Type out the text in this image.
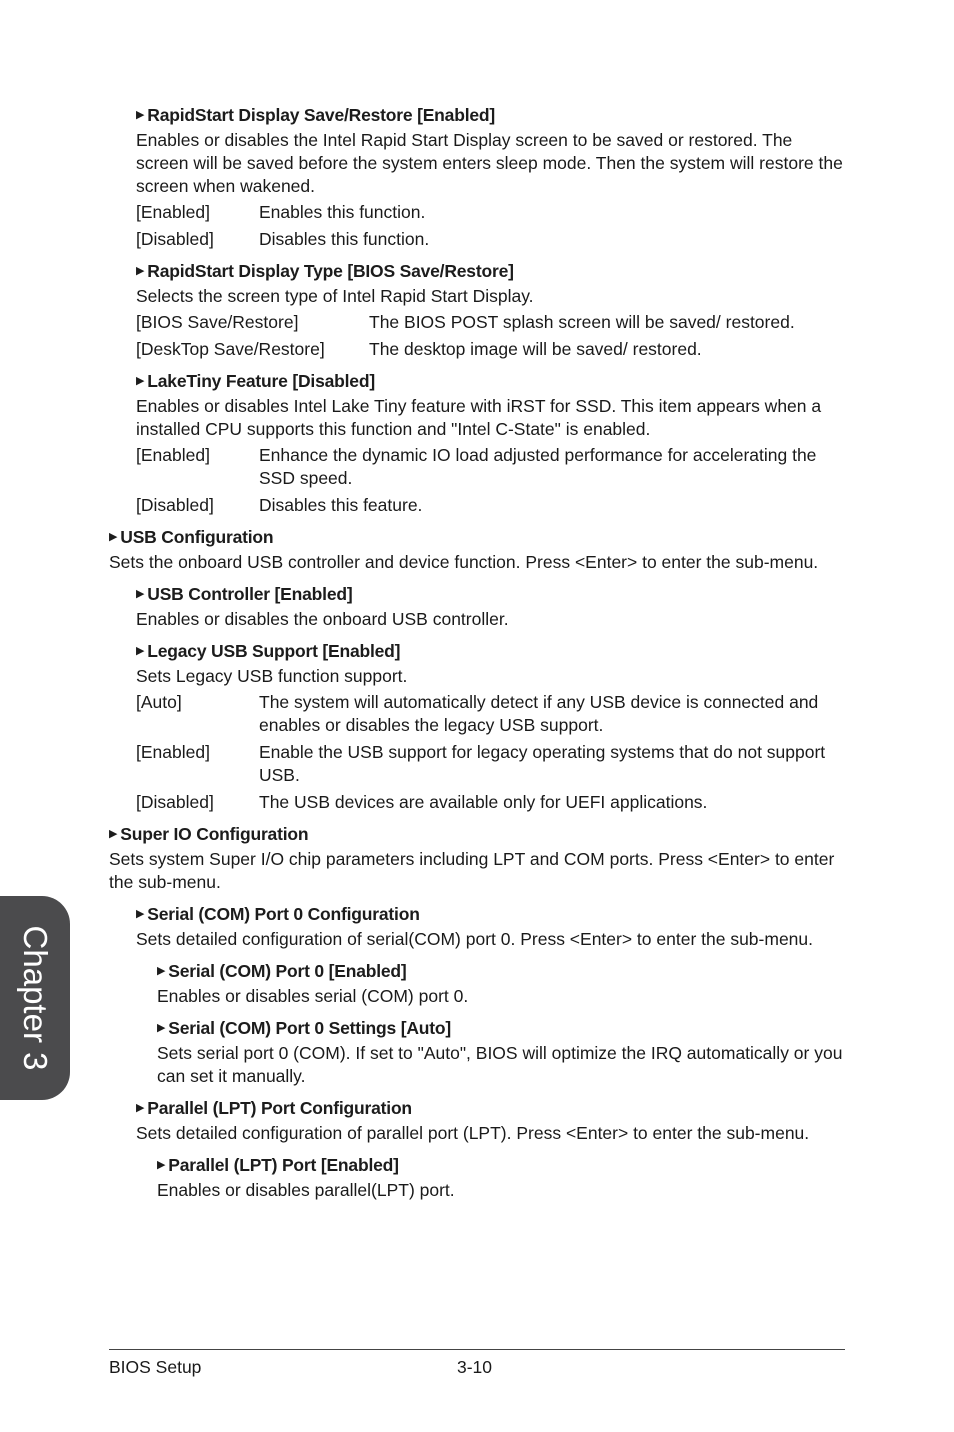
▶ RapidStart Display Save/Restore [Enabled]
Enables or disables the Intel Rapid Start Display screen to be saved or restored. The screen will be saved before the system enters sleep mode. Then the system will restore the screen when wakened.
[Enabled]	Enables this function.
[Disabled]	Disables this function.
▶ RapidStart Display Type [BIOS Save/Restore]
Selects the screen type of Intel Rapid Start Display.
[BIOS Save/Restore]	The BIOS POST splash screen will be saved/ restored.
[DeskTop Save/Restore]	The desktop image will be saved/ restored.
▶ LakeTiny Feature [Disabled]
Enables or disables Intel Lake Tiny feature with iRST for SSD. This item appears when a installed CPU supports this function and "Intel C-State" is enabled.
[Enabled]	Enhance the dynamic IO load adjusted performance for accelerating the SSD speed.
[Disabled]	Disables this feature.
▶ USB Configuration
Sets the onboard USB controller and device function. Press <Enter> to enter the sub-menu.
▶ USB Controller [Enabled]
Enables or disables the onboard USB controller.
▶ Legacy USB Support [Enabled]
Sets Legacy USB function support.
[Auto]	The system will automatically detect if any USB device is connected and enables or disables the legacy USB support.
[Enabled]	Enable the USB support for legacy operating systems that do not support USB.
[Disabled]	The USB devices are available only for UEFI applications.
▶ Super IO Configuration
Sets system Super I/O chip parameters including LPT and COM ports. Press <Enter> to enter the sub-menu.
▶ Serial (COM) Port 0 Configuration
Sets detailed configuration of serial(COM) port 0. Press <Enter> to enter the sub-menu.
▶ Serial (COM) Port 0 [Enabled]
Enables or disables serial (COM) port 0.
▶ Serial (COM) Port 0 Settings [Auto]
Sets serial port 0 (COM). If set to "Auto", BIOS will optimize the IRQ automatically or you can set it manually.
▶ Parallel (LPT) Port Configuration
Sets detailed configuration of parallel port (LPT). Press <Enter> to enter the sub-menu.
▶ Parallel (LPT) Port [Enabled]
Enables or disables parallel(LPT) port.
Chapter 3
BIOS Setup	3-10
